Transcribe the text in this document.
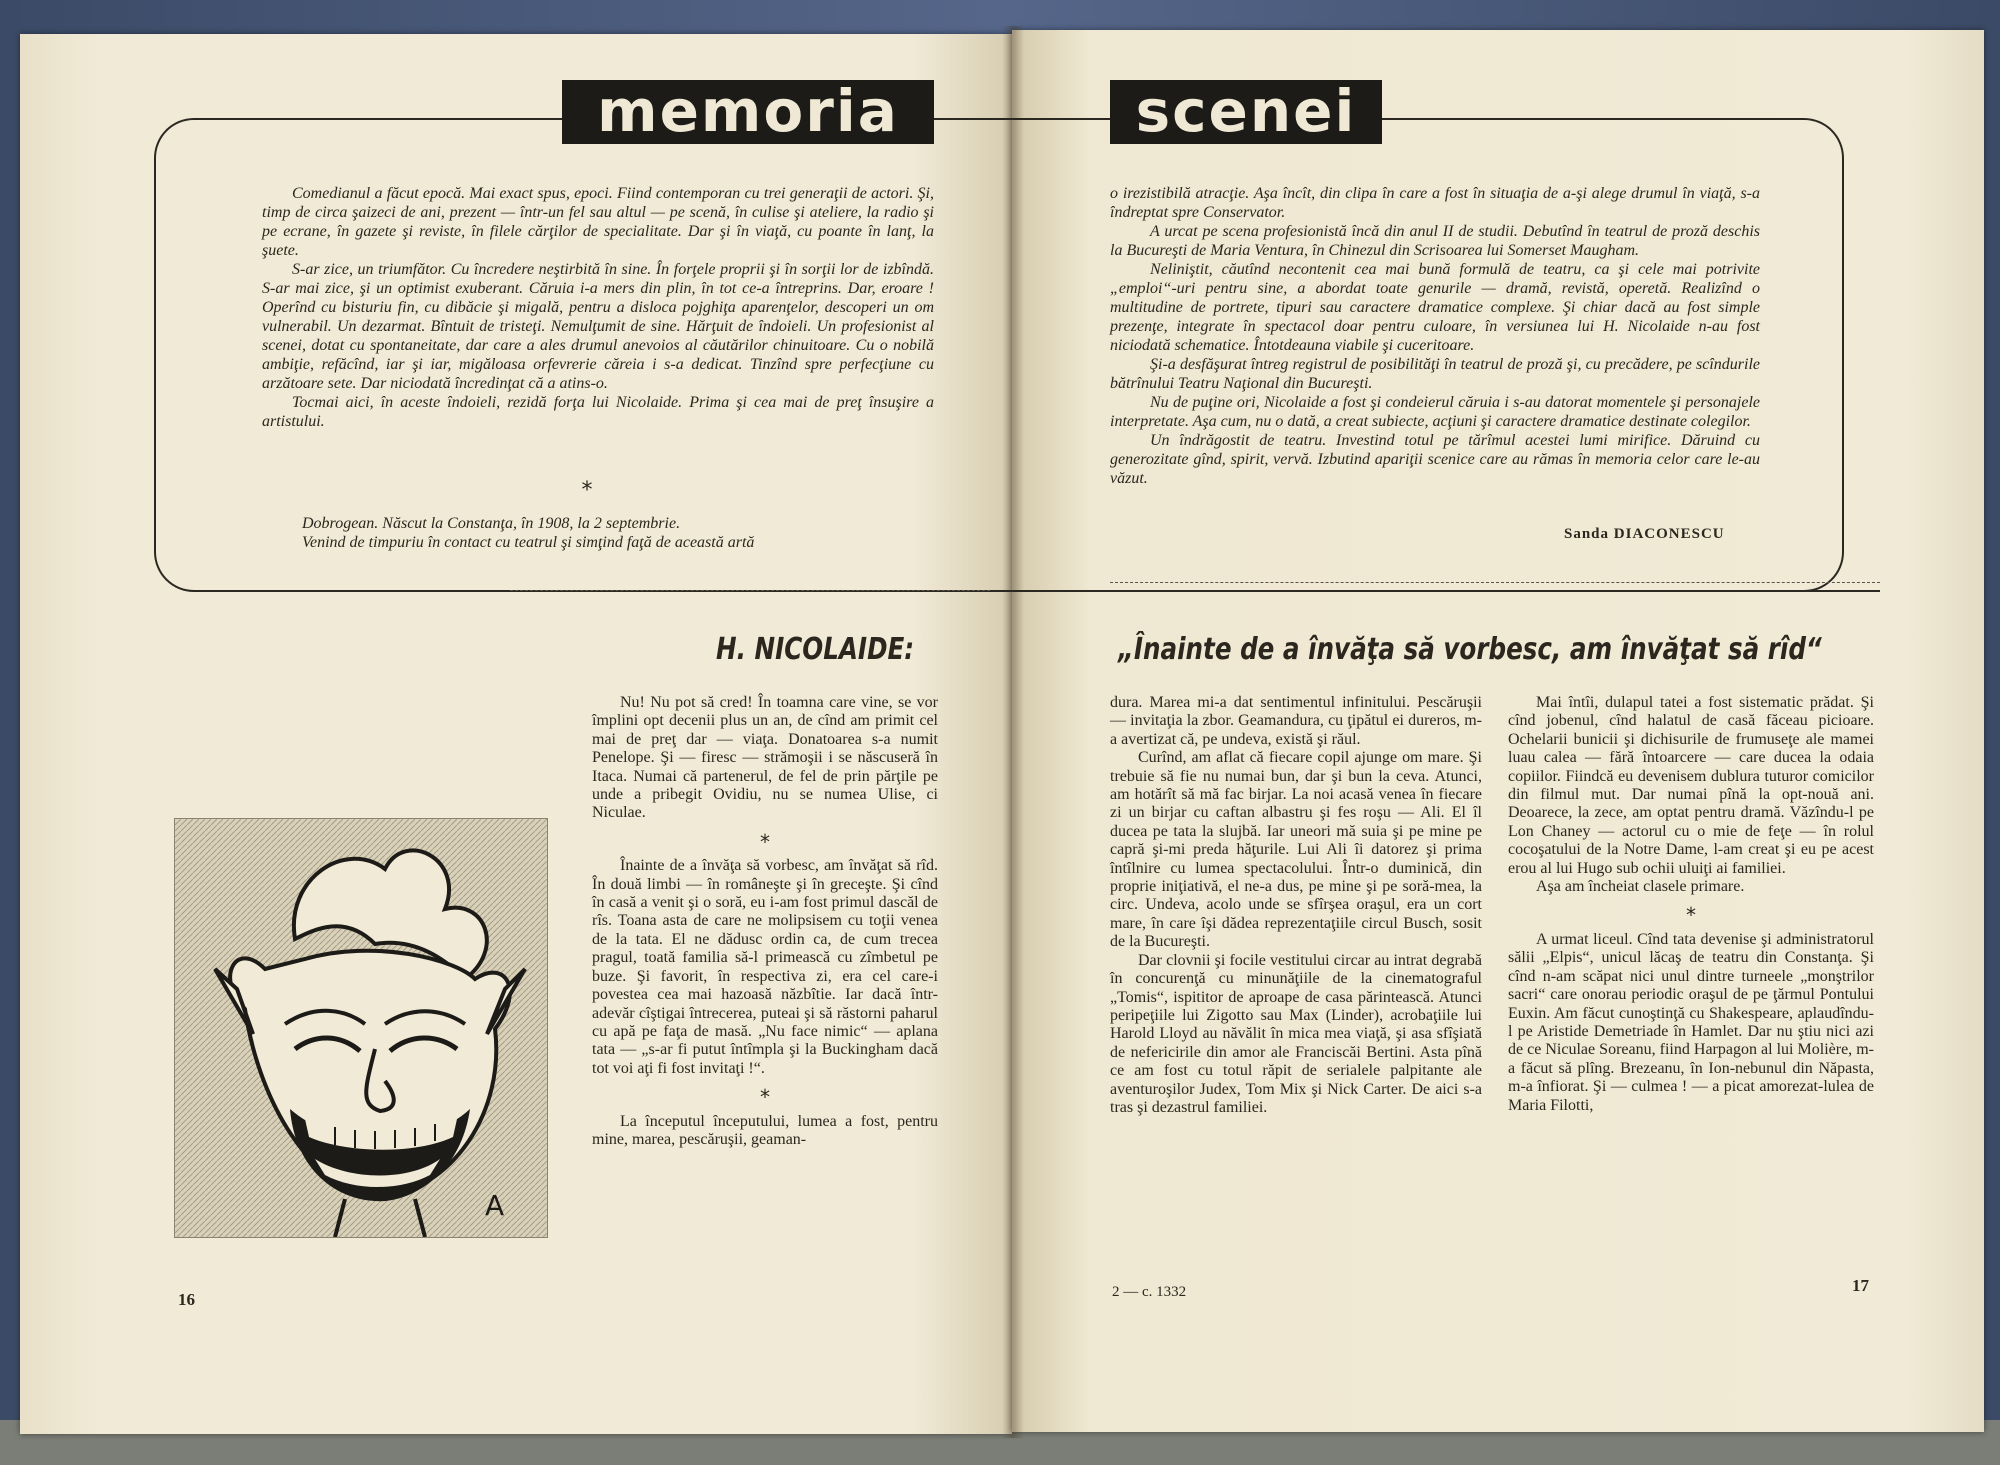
memoria	scenei

Comedianul a făcut epocă. Mai exact spus, epoci. Fiind contemporan cu trei generaţii de actori. Şi, timp de circa şaizeci de ani, prezent — într-un fel sau altul — pe scenă, în culise şi ateliere, la radio şi pe ecrane, în gazete şi reviste, în filele cărţilor de specialitate. Dar şi în viaţă, cu poante în lanţ, la şuete.

S-ar zice, un triumfător. Cu încredere neştirbită în sine. În forţele proprii şi în sorţii lor de izbîndă. S-ar mai zice, şi un optimist exuberant. Căruia i-a mers din plin, în tot ce-a întreprins. Dar, eroare ! Operînd cu bisturiu fin, cu dibăcie şi migală, pentru a disloca pojghiţa aparenţelor, descoperi un om vulnerabil. Un dezarmat. Bîntuit de tristeţi. Nemulţumit de sine. Hărţuit de îndoieli. Un profesionist al scenei, dotat cu spontaneitate, dar care a ales drumul anevoios al căutărilor chinuitoare. Cu o nobilă ambiţie, refăcînd, iar şi iar, migăloasa orfevrerie căreia i s-a dedicat. Tinzînd spre perfecţiune cu arzătoare sete. Dar niciodată încredinţat că a atins-o.

Tocmai aici, în aceste îndoieli, rezidă forţa lui Nicolaide. Prima şi cea mai de preţ însuşire a artistului.

*

Dobrogean. Născut la Constanţa, în 1908, la 2 septembrie.

Venind de timpuriu în contact cu teatrul şi simţind faţă de această artă

o irezistibilă atracţie. Aşa încît, din clipa în care a fost în situaţia de a-şi alege drumul în viaţă, s-a îndreptat spre Conservator.

A urcat pe scena profesionistă încă din anul II de studii. Debutînd în teatrul de proză deschis la Bucureşti de Maria Ventura, în Chinezul din Scrisoarea lui Somerset Maugham.

Neliniştit, căutînd necontenit cea mai bună formulă de teatru, ca şi cele mai potrivite „emploi“-uri pentru sine, a abordat toate genurile — dramă, revistă, operetă. Realizînd o multitudine de portrete, tipuri sau caractere dramatice complexe. Şi chiar dacă au fost simple prezenţe, integrate în spectacol doar pentru culoare, în versiunea lui H. Nicolaide n-au fost niciodată schematice. Întotdeauna viabile şi cuceritoare.

Şi-a desfăşurat întreg registrul de posibilităţi în teatrul de proză şi, cu precădere, pe scîndurile bătrînului Teatru Naţional din Bucureşti.

Nu de puţine ori, Nicolaide a fost şi condeierul căruia i s-au datorat momentele şi personajele interpretate. Aşa cum, nu o dată, a creat subiecte, acţiuni şi caractere dramatice destinate colegilor.

Un îndrăgostit de teatru. Investind totul pe tărîmul acestei lumi mirifice. Dăruind cu generozitate gînd, spirit, vervă. Izbutind apariţii scenice care au rămas în memoria celor care le-au văzut.

Sanda DIACONESCU
H. NICOLAIDE:	„Înainte de a învăţa să vorbesc, am învăţat să rîd“
A

Nu! Nu pot să cred! În toamna care vine, se vor împlini opt decenii plus un an, de cînd am primit cel mai de preţ dar — viaţa. Donatoarea s-a numit Penelope. Şi — firesc — strămoşii i se născuseră în Itaca. Numai că partenerul, de fel de prin părţile pe unde a pribegit Ovidiu, nu se numea Ulise, ci Niculae.

*

Înainte de a învăţa să vorbesc, am învăţat să rîd. În două limbi — în româneşte şi în greceşte. Şi cînd în casă a venit şi o soră, eu i-am fost primul dascăl de rîs. Toana asta de care ne molipsisem cu toţii venea de la tata. El ne dădusc ordin ca, de cum trecea pragul, toată familia să-l primească cu zîmbetul pe buze. Şi favorit, în respectiva zi, era cel care-i povestea cea mai hazoasă năzbîtie. Iar dacă într-adevăr cîştigai întrecerea, puteai şi să răstorni paharul cu apă pe faţa de masă. „Nu face nimic“ — aplana tata — „s-ar fi putut întîmpla şi la Buckingham dacă tot voi aţi fi fost invitaţi !“.

*

La începutul începutului, lumea a fost, pentru mine, marea, pescăruşii, geaman-

dura. Marea mi-a dat sentimentul infinitului. Pescăruşii — invitaţia la zbor. Geamandura, cu ţipătul ei dureros, m-a avertizat că, pe undeva, există şi răul.

Curînd, am aflat că fiecare copil ajunge om mare. Şi trebuie să fie nu numai bun, dar şi bun la ceva. Atunci, am hotărît să mă fac birjar. La noi acasă venea în fiecare zi un birjar cu caftan albastru şi fes roşu — Ali. El îl ducea pe tata la slujbă. Iar uneori mă suia şi pe mine pe capră şi-mi preda hăţurile. Lui Ali îi datorez şi prima întîlnire cu lumea spectacolului. Într-o duminică, din proprie iniţiativă, el ne-a dus, pe mine şi pe soră-mea, la circ. Undeva, acolo unde se sfîrşea oraşul, era un cort mare, în care îşi dădea reprezentaţiile circul Busch, sosit de la Bucureşti.

Dar clovnii şi focile vestitului circar au intrat degrabă în concurenţă cu minunăţiile de la cinematograful „Tomis“, ispititor de aproape de casa părintească. Atunci peripeţiile lui Zigotto sau Max (Linder), acrobaţiile lui Harold Lloyd au năvălit în mica mea viaţă, şi asa sfîşiată de nefericirile din amor ale Franciscăi Bertini. Asta pînă ce am fost cu totul răpit de serialele palpitante ale aventuroşilor Judex, Tom Mix şi Nick Carter. De aici s-a tras şi dezastrul familiei.

Mai întîi, dulapul tatei a fost sistematic prădat. Şi cînd jobenul, cînd halatul de casă făceau picioare. Ochelarii bunicii şi dichisurile de frumuseţe ale mamei luau calea — fără întoarcere — care ducea la odaia copiilor. Fiindcă eu devenisem dublura tuturor comicilor din filmul mut. Dar numai pînă la opt-nouă ani. Deoarece, la zece, am optat pentru dramă. Văzîndu-l pe Lon Chaney — actorul cu o mie de feţe — în rolul cocoşatului de la Notre Dame, l-am creat şi eu pe acest erou al lui Hugo sub ochii uluiţi ai familiei.

Aşa am încheiat clasele primare.

*

A urmat liceul. Cînd tata devenise şi administratorul sălii „Elpis“, unicul lăcaş de teatru din Constanţa. Şi cînd n-am scăpat nici unul dintre turneele „monştrilor sacri“ care onorau periodic oraşul de pe ţărmul Pontului Euxin. Am făcut cunoştinţă cu Shakespeare, aplaudîndu-l pe Aristide Demetriade în Hamlet. Dar nu ştiu nici azi de ce Niculae Soreanu, fiind Harpagon al lui Molière, m-a făcut să plîng. Brezeanu, în Ion-nebunul din Năpasta, m-a înfiorat. Şi — culmea ! — a picat amorezat-lulea de Maria Filotti,

16
17
2 — c. 1332
